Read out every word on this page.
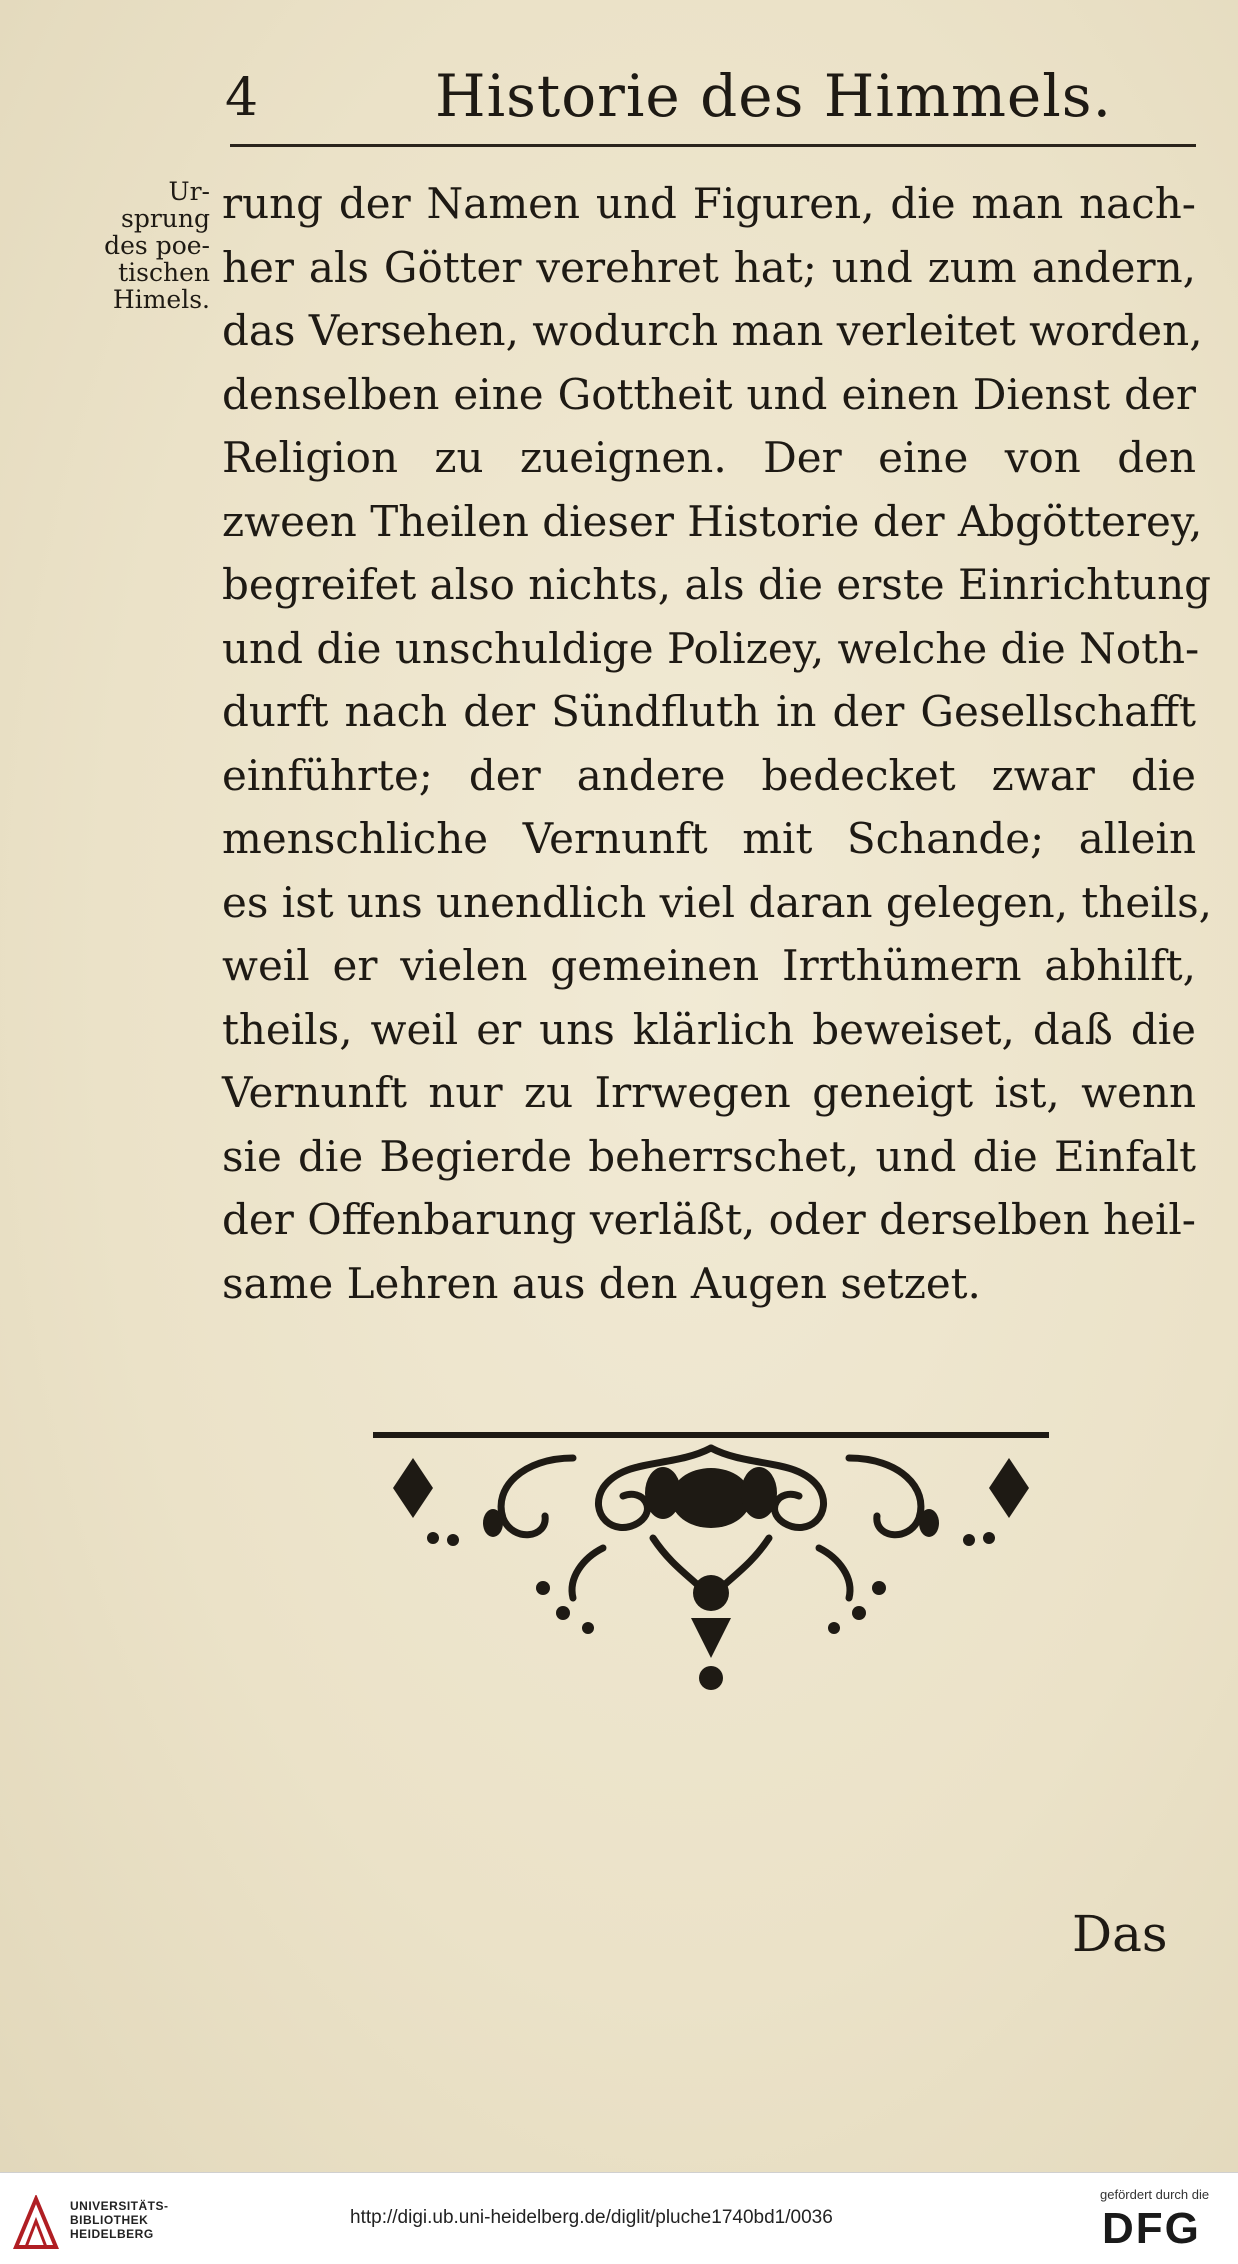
4	Historie des Himmels.
Ur-
sprung
des poe-
tischen
Himels.
rung der Namen und Figuren, die man nach-
her als Götter verehret hat; und zum andern,
das Versehen, wodurch man verleitet worden,
denselben eine Gottheit und einen Dienst der
Religion zu zueignen. Der eine von den
zween Theilen dieser Historie der Abgötterey,
begreifet also nichts, als die erste Einrichtung
und die unschuldige Polizey, welche die Noth-
durft nach der Sündfluth in der Gesellschafft
einführte; der andere bedecket zwar die
menschliche Vernunft mit Schande; allein
es ist uns unendlich viel daran gelegen, theils,
weil er vielen gemeinen Irrthümern abhilft,
theils, weil er uns klärlich beweiset, daß die
Vernunft nur zu Irrwegen geneigt ist, wenn
sie die Begierde beherrschet, und die Einfalt
der Offenbarung verläßt, oder derselben heil-
same Lehren aus den Augen setzet.
Das
UNIVERSITÄTS-
BIBLIOTHEK
HEIDELBERG
http://digi.ub.uni-heidelberg.de/diglit/pluche1740bd1/0036
gefördert durch die
DFG
